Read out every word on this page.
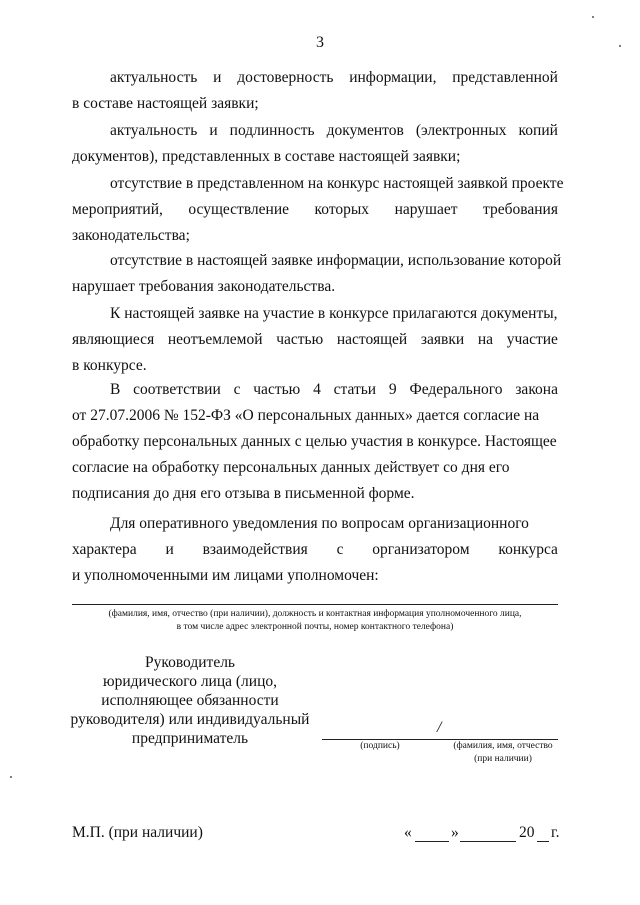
3
актуальность и достоверность информации, представленной
в составе настоящей заявки;
актуальность и подлинность документов (электронных копий
документов), представленных в составе настоящей заявки;
отсутствие в представленном на конкурс настоящей заявкой проекте
мероприятий, осуществление которых нарушает требования
законодательства;
отсутствие в настоящей заявке информации, использование которой
нарушает требования законодательства.
К настоящей заявке на участие в конкурсе прилагаются документы,
являющиеся неотъемлемой частью настоящей заявки на участие
в конкурсе.
В соответствии с частью 4 статьи 9 Федерального закона
от 27.07.2006 № 152-ФЗ «О персональных данных» дается согласие на
обработку персональных данных с целью участия в конкурсе. Настоящее
согласие на обработку персональных данных действует со дня его
подписания до дня его отзыва в письменной форме.
Для оперативного уведомления по вопросам организационного
характера и взаимодействия с организатором конкурса
и уполномоченными им лицами уполномочен:
(фамилия, имя, отчество (при наличии), должность и контактная информация уполномоченного лица,
в том числе адрес электронной почты, номер контактного телефона)
Руководитель
юридического лица (лицо,
исполняющее обязанности
руководителя) или индивидуальный
предприниматель
/
(подпись)	(фамилия, имя, отчество
(при наличии)
М.П. (при наличии)	«	»	20 г.
